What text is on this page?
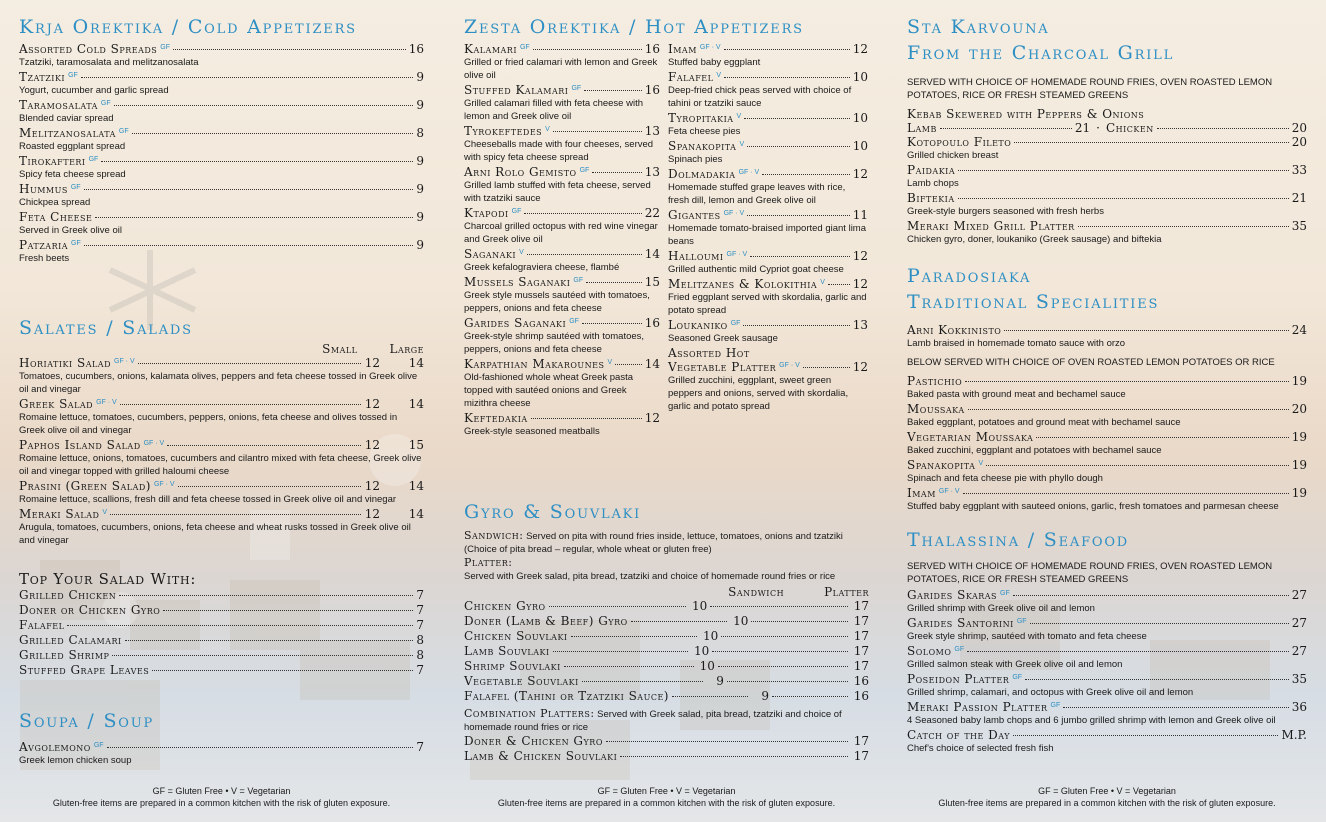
Krja Orektika / Cold Appetizers
Assorted Cold Spreads GF	16
Tzatziki, taramosalata and melitzanosalata
Tzatziki GF	9
Yogurt, cucumber and garlic spread
Taramosalata GF	9
Blended caviar spread
Melitzanosalata GF	8
Roasted eggplant spread
Tirokafteri GF	9
Spicy feta cheese spread
Hummus GF	9
Chickpea spread
Feta Cheese	9
Served in Greek olive oil
Patzaria GF	9
Fresh beets
Salates / Salads
Small	Large
Horiatiki Salad GF · V	12 14
Tomatoes, cucumbers, onions, kalamata olives, peppers and feta cheese tossed in Greek olive oil and vinegar
Greek Salad GF · V	12 14
Romaine lettuce, tomatoes, cucumbers, peppers, onions, feta cheese and olives tossed in Greek olive oil and vinegar
Paphos Island Salad GF · V	12 15
Romaine lettuce, onions, tomatoes, cucumbers and cilantro mixed with feta cheese, Greek olive oil and vinegar topped with grilled haloumi cheese
Prasini (Green Salad) GF · V	12 14
Romaine lettuce, scallions, fresh dill and feta cheese tossed in Greek olive oil and vinegar
Meraki Salad V	12 14
Arugula, tomatoes, cucumbers, onions, feta cheese and wheat rusks tossed in Greek olive oil and vinegar
Top Your Salad With:
Grilled Chicken	7
Doner or Chicken Gyro	7
Falafel	7
Grilled Calamari	8
Grilled Shrimp	8
Stuffed Grape Leaves	7
Soupa / Soup
Avgolemono GF	7
Greek lemon chicken soup
GF = Gluten Free • V = Vegetarian
Gluten-free items are prepared in a common kitchen with the risk of gluten exposure.
Zesta Orektika / Hot Appetizers
Kalamari GF	16
Grilled or fried calamari with lemon and Greek olive oil
Stuffed Kalamari GF	16
Grilled calamari filled with feta cheese with lemon and Greek olive oil
Tyrokeftedes V	13
Cheeseballs made with four cheeses, served with spicy feta cheese spread
Arni Rolo Gemisto GF	13
Grilled lamb stuffed with feta cheese, served with tzatziki sauce
Ktapodi GF	22
Charcoal grilled octopus with red wine vinegar and Greek olive oil
Saganaki V	14
Greek kefalograviera cheese, flambé
Mussels Saganaki GF	15
Greek style mussels sautéed with tomatoes, peppers, onions and feta cheese
Garides Saganaki GF	16
Greek-style shrimp sautéed with tomatoes, peppers, onions and feta cheese
Karpathian Makarounes V	14
Old-fashioned whole wheat Greek pasta topped with sautéed onions and Greek mizithra cheese
Keftedakia	12
Greek-style seasoned meatballs
Imam GF · V	12
Stuffed baby eggplant
Falafel V	10
Deep-fried chick peas served with choice of tahini or tzatziki sauce
Tyropitakia V	10
Feta cheese pies
Spanakopita V	10
Spinach pies
Dolmadakia GF · V	12
Homemade stuffed grape leaves with rice, fresh dill, lemon and Greek olive oil
Gigantes GF · V	11
Homemade tomato-braised imported giant lima beans
Halloumi GF · V	12
Grilled authentic mild Cypriot goat cheese
Melitzanes & Kolokithia V 12
Fried eggplant served with skordalia, garlic and potato spread
Loukaniko GF	13
Seasoned Greek sausage
Assorted Hot
Vegetable Platter GF · V	12
Grilled zucchini, eggplant, sweet green peppers and onions, served with skordalia, garlic and potato spread
Gyro & Souvlaki
Sandwich: Served on pita with round fries inside, lettuce, tomatoes, onions and tzatziki
(Choice of pita bread – regular, whole wheat or gluten free)
Platter:
Served with Greek salad, pita bread, tzatziki and choice of homemade round fries or rice
Sandwich	Platter
Chicken Gyro	10	17
Doner (Lamb & Beef) Gyro	10	17
Chicken Souvlaki	10	17
Lamb Souvlaki	10	17
Shrimp Souvlaki	10	17
Vegetable Souvlaki	9	16
Falafel (Tahini or Tzatziki Sauce)	9	16
Combination Platters: Served with Greek salad, pita bread, tzatziki and choice of homemade round fries or rice
Doner & Chicken Gyro	17
Lamb & Chicken Souvlaki	17
GF = Gluten Free • V = Vegetarian
Gluten-free items are prepared in a common kitchen with the risk of gluten exposure.
Sta Karvouna
From the Charcoal Grill
SERVED WITH CHOICE OF HOMEMADE ROUND FRIES, OVEN ROASTED LEMON POTATOES, RICE OR FRESH STEAMED GREENS
Kebab Skewered with Peppers & Onions
Lamb	21 · Chicken	20
Kotopoulo Fileto	20
Grilled chicken breast
Paidakia	33
Lamb chops
Biftekia	21
Greek-style burgers seasoned with fresh herbs
Meraki Mixed Grill Platter	35
Chicken gyro, doner, loukaniko (Greek sausage) and biftekia
Paradosiaka
Traditional Specialities
Arni Kokkinisto	24
Lamb braised in homemade tomato sauce with orzo
BELOW SERVED WITH CHOICE OF OVEN ROASTED LEMON POTATOES OR RICE
Pastichio	19
Baked pasta with ground meat and bechamel sauce
Moussaka	20
Baked eggplant, potatoes and ground meat with bechamel sauce
Vegetarian Moussaka	19
Baked zucchini, eggplant and potatoes with bechamel sauce
Spanakopita V	19
Spinach and feta cheese pie with phyllo dough
Imam GF · V	19
Stuffed baby eggplant with sauteed onions, garlic, fresh tomatoes and parmesan cheese
Thalassina / Seafood
SERVED WITH CHOICE OF HOMEMADE ROUND FRIES, OVEN ROASTED LEMON POTATOES, RICE OR FRESH STEAMED GREENS
Garides Skaras GF	27
Grilled shrimp with Greek olive oil and lemon
Garides Santorini GF	27
Greek style shrimp, sautéed with tomato and feta cheese
Solomo GF	27
Grilled salmon steak with Greek olive oil and lemon
Poseidon Platter GF	35
Grilled shrimp, calamari, and octopus with Greek olive oil and lemon
Meraki Passion Platter GF	36
4 Seasoned baby lamb chops and 6 jumbo grilled shrimp with lemon and Greek olive oil
Catch of the Day	M.P.
Chef's choice of selected fresh fish
GF = Gluten Free • V = Vegetarian
Gluten-free items are prepared in a common kitchen with the risk of gluten exposure.
